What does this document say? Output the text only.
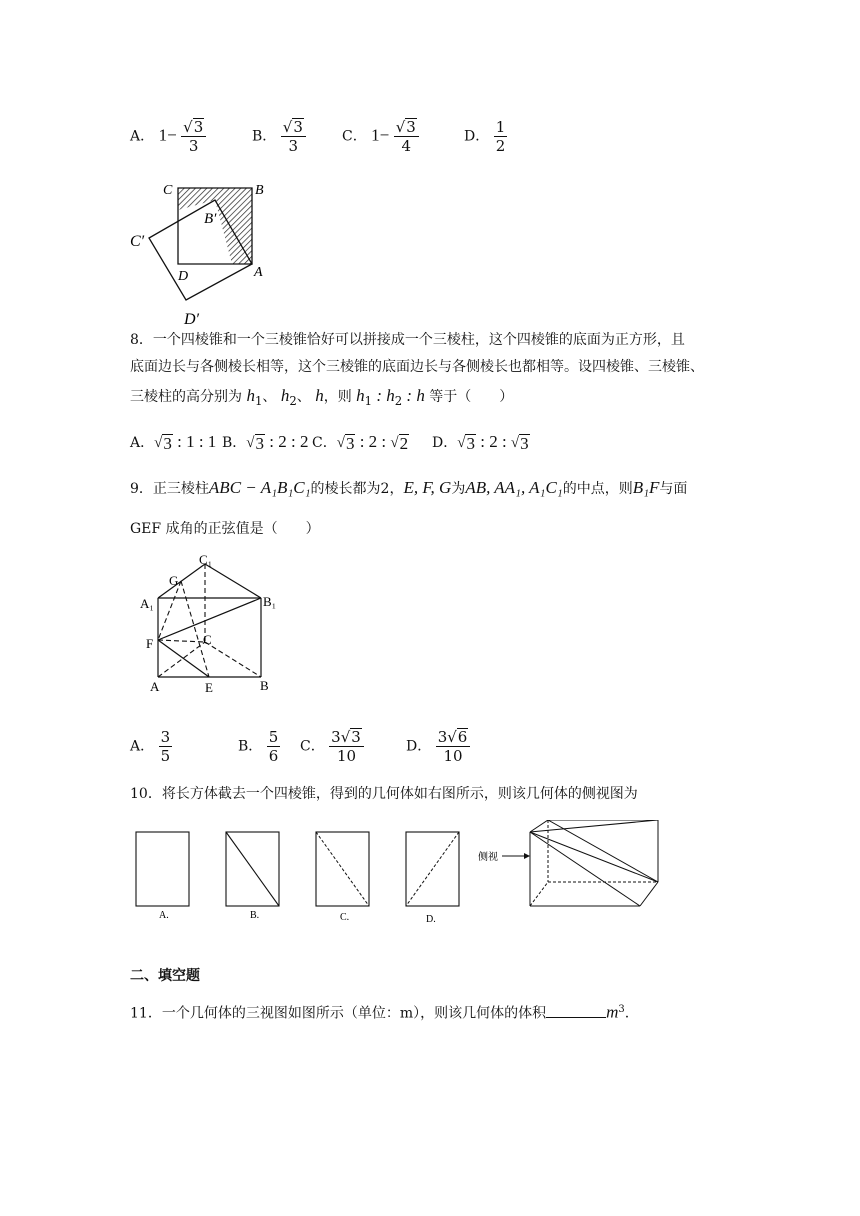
A． $1- \frac{√ 3}{3}$	B． $\frac{√ 3}{3}$	C． $1- \frac{√ 3}{4}$	D． $\frac{1}{2}$
C	B
B′
C′
D	A
D′
8．一个四棱锥和一个三棱锥恰好可以拼接成一个三棱柱，这个四棱锥的底面为正方形，且
底面边长与各侧棱长相等，这个三棱锥的底面边长与各侧棱长也都相等。设四棱锥、三棱锥、
三棱柱的高分别为 $h_1$、 $h_2$、 h，则 $h_1$ : $h_2$ : h 等于（　　）
A． √ 3 : 1 : 1 B． √ 3 : 2 : 2 C． √ 3 : 2 : √ 2 D． √ 3 : 2 : √ 3
9．正三棱柱ABC − A₁B₁C₁的棱长都为2，E, F, G为AB, AA₁, A₁C₁的中点，则B₁F与面
GEF 成角的正弦值是（　　）
C₁
G
A₁	B₁
F	C
A	E	B
A． $\frac{3}{5}$	B． $\frac{5}{6}$ C． $\frac{3 √ 3}{10}$	D． $\frac{3 √ 6}{10}$
10．将长方体截去一个四棱锥，得到的几何体如右图所示，则该几何体的侧视图为
A.	B.	C.	D.
侧视
二、填空题
11．一个几何体的三视图如图所示（单位：m），则该几何体的体积	$m^3$.
